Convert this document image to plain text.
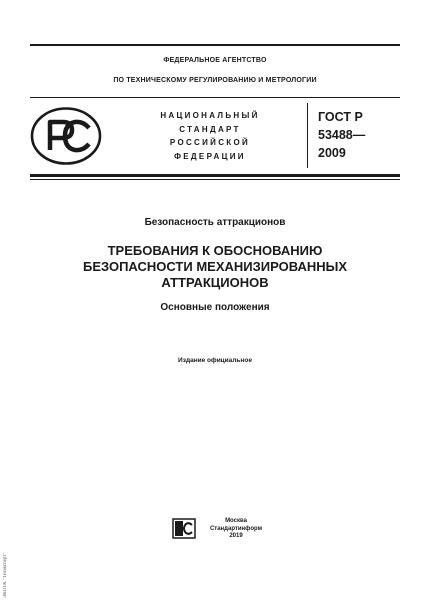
ФЕДЕРАЛЬНОЕ АГЕНТСТВО
ПО ТЕХНИЧЕСКОМУ РЕГУЛИРОВАНИЮ И МЕТРОЛОГИИ
НАЦИОНАЛЬНЫЙ
СТАНДАРТ
РОССИЙСКОЙ
ФЕДЕРАЦИИ
ГОСТ Р
53488—
2009
Безопасность аттракционов
ТРЕБОВАНИЯ К ОБОСНОВАНИЮ
БЕЗОПАСНОСТИ МЕХАНИЗИРОВАННЫХ
АТТРАКЦИОНОВ
Основные положения
Издание официальное
Москва
Стандартинформ
2019
ЭКПТК "Техэксперт"
